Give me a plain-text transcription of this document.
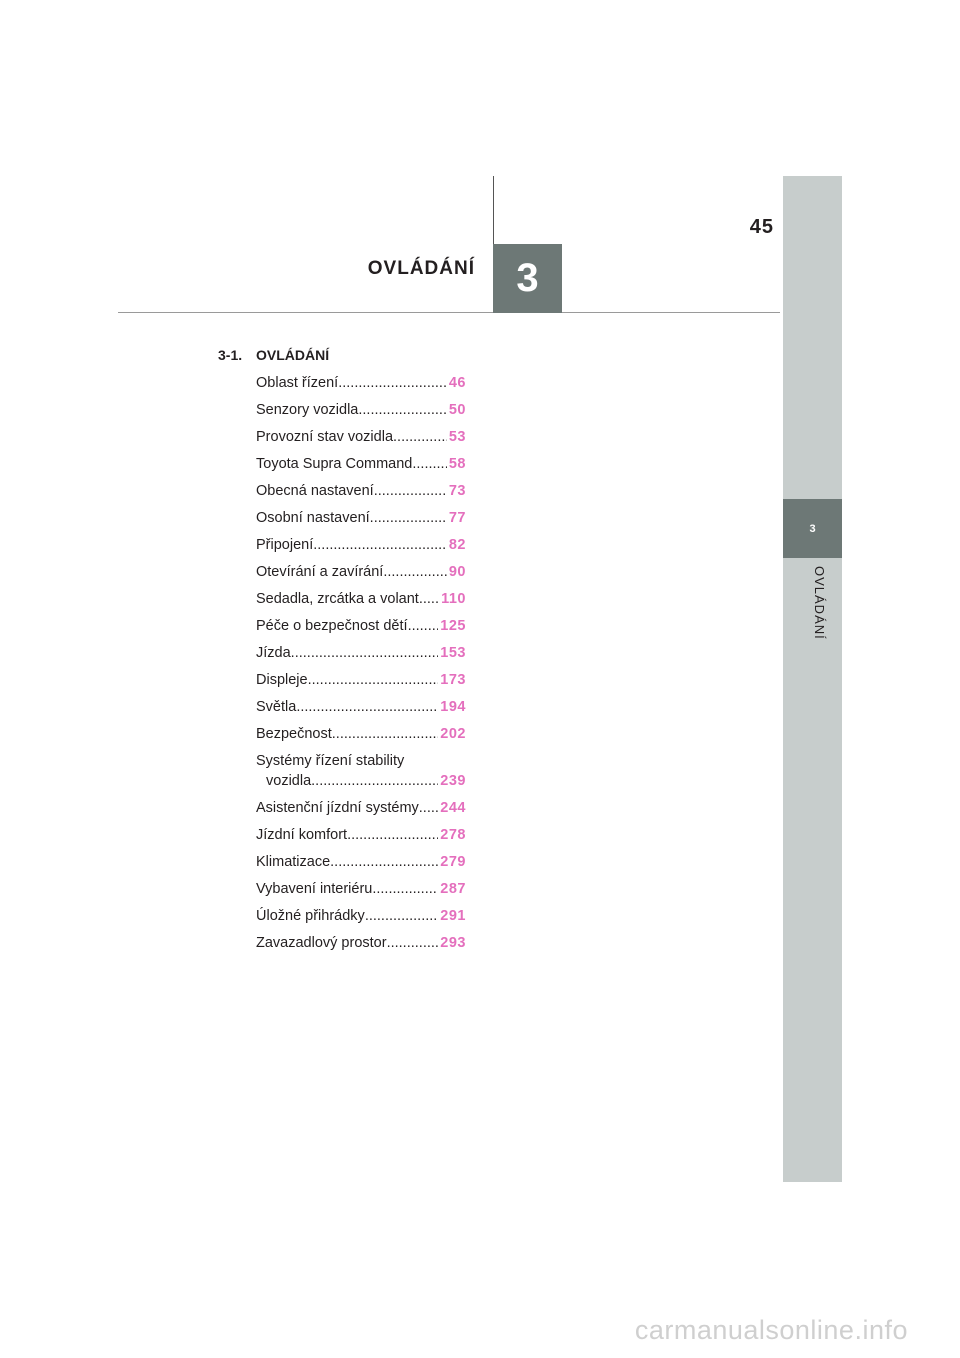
45
OVLÁDÁNÍ	3
3
OVLÁDÁNÍ
3-1. OVLÁDÁNÍ
Oblast řízení .....	46
Senzory vozidla .....	50
Provozní stav vozidla .....	53
Toyota Supra Command .....	58
Obecná nastavení .....	73
Osobní nastavení .....	77
Připojení .....	82
Otevírání a zavírání .....	90
Sedadla, zrcátka a volant ..... 110
Péče o bezpečnost dětí ..... 125
Jízda .....	153
Displeje .....	173
Světla .....	194
Bezpečnost .....	202
Systémy řízení stability
vozidla .....	239
Asistenční jízdní systémy ..... 244
Jízdní komfort .....	278
Klimatizace .....	279
Vybavení interiéru .....	287
Úložné přihrádky .....	291
Zavazadlový prostor .....	293
carmanualsonline.info
